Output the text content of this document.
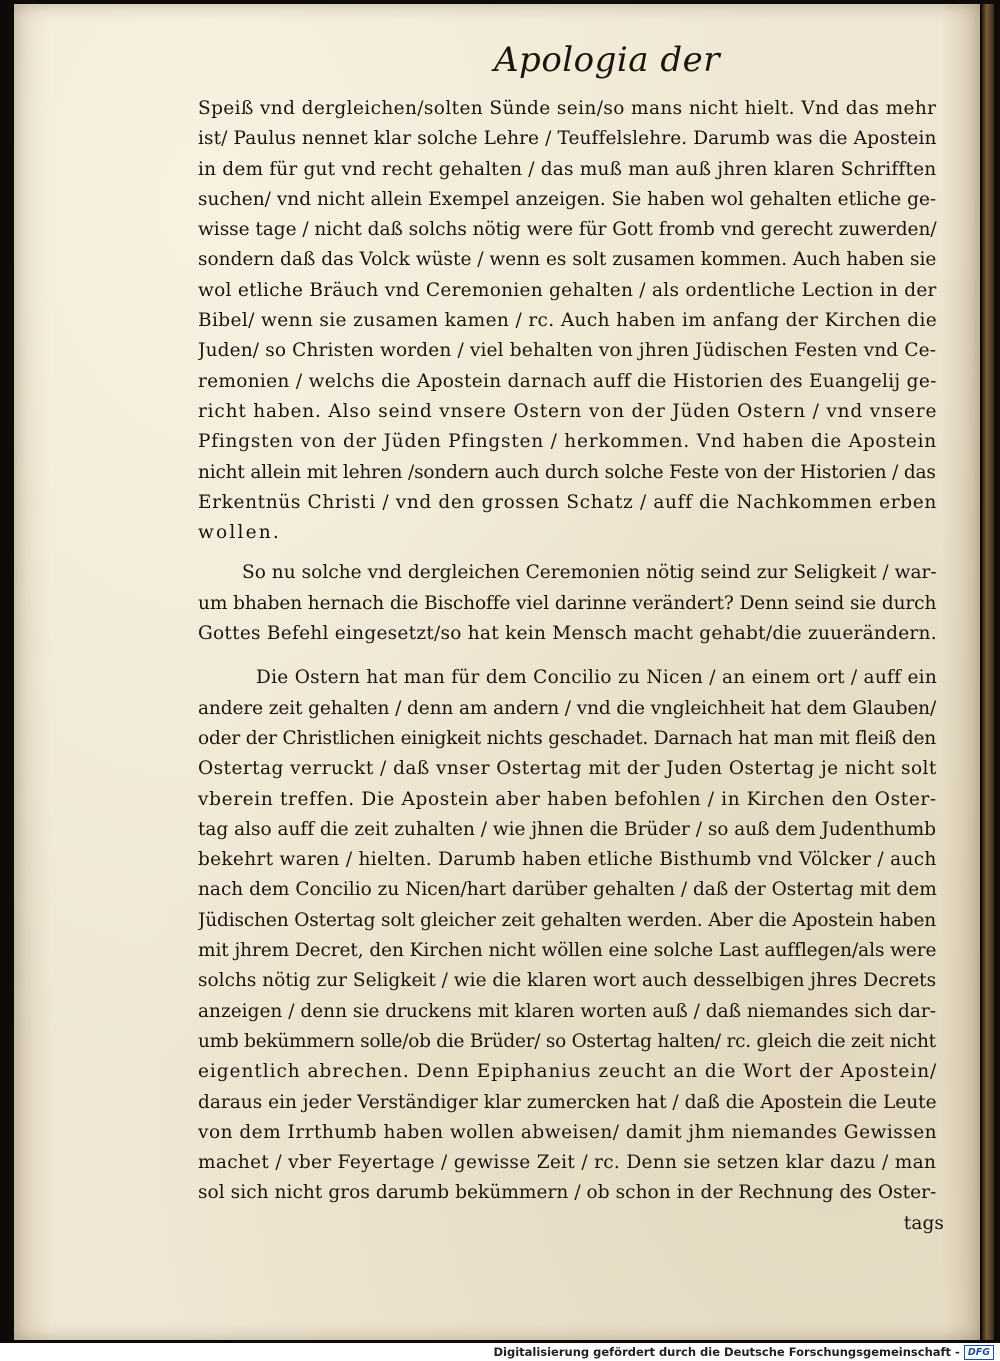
Apologia der
Speiß vnd dergleichen/solten Sünde sein/so mans nicht hielt. Vnd das mehr
ist/ Paulus nennet klar solche Lehre / Teuffelslehre. Darumb was die Apostein
in dem für gut vnd recht gehalten / das muß man auß jhren klaren Schrifften
suchen/ vnd nicht allein Exempel anzeigen. Sie haben wol gehalten etliche ge-
wisse tage / nicht daß solchs nötig were für Gott fromb vnd gerecht zuwerden/
sondern daß das Volck wüste / wenn es solt zusamen kommen. Auch haben sie
wol etliche Bräuch vnd Ceremonien gehalten / als ordentliche Lection in der
Bibel/ wenn sie zusamen kamen / rc. Auch haben im anfang der Kirchen die
Juden/ so Christen worden / viel behalten von jhren Jüdischen Festen vnd Ce-
remonien / welchs die Apostein darnach auff die Historien des Euangelij ge-
richt haben. Also seind vnsere Ostern von der Jüden Ostern / vnd vnsere
Pfingsten von der Jüden Pfingsten / herkommen. Vnd haben die Apostein
nicht allein mit lehren /sondern auch durch solche Feste von der Historien / das
Erkentnüs Christi / vnd den grossen Schatz / auff die Nachkommen erben
wollen.
So nu solche vnd dergleichen Ceremonien nötig seind zur Seligkeit / war-
um bhaben hernach die Bischoffe viel darinne verändert? Denn seind sie durch
Gottes Befehl eingesetzt/so hat kein Mensch macht gehabt/die zuuerändern.
Die Ostern hat man für dem Concilio zu Nicen / an einem ort / auff ein
andere zeit gehalten / denn am andern / vnd die vngleichheit hat dem Glauben/
oder der Christlichen einigkeit nichts geschadet. Darnach hat man mit fleiß den
Ostertag verruckt / daß vnser Ostertag mit der Juden Ostertag je nicht solt
vberein treffen. Die Apostein aber haben befohlen / in Kirchen den Oster-
tag also auff die zeit zuhalten / wie jhnen die Brüder / so auß dem Judenthumb
bekehrt waren / hielten. Darumb haben etliche Bisthumb vnd Völcker / auch
nach dem Concilio zu Nicen/hart darüber gehalten / daß der Ostertag mit dem
Jüdischen Ostertag solt gleicher zeit gehalten werden. Aber die Apostein haben
mit jhrem Decret, den Kirchen nicht wöllen eine solche Last aufflegen/als were
solchs nötig zur Seligkeit / wie die klaren wort auch desselbigen jhres Decrets
anzeigen / denn sie druckens mit klaren worten auß / daß niemandes sich dar-
umb bekümmern solle/ob die Brüder/ so Ostertag halten/ rc. gleich die zeit nicht
eigentlich abrechen. Denn Epiphanius zeucht an die Wort der Apostein/
daraus ein jeder Verständiger klar zumercken hat / daß die Apostein die Leute
von dem Irrthumb haben wollen abweisen/ damit jhm niemandes Gewissen
machet / vber Feyertage / gewisse Zeit / rc. Denn sie setzen klar dazu / man
sol sich nicht gros darumb bekümmern / ob schon in der Rechnung des Oster-
tags
Digitalisierung gefördert durch die Deutsche Forschungsgemeinschaft - DFG
